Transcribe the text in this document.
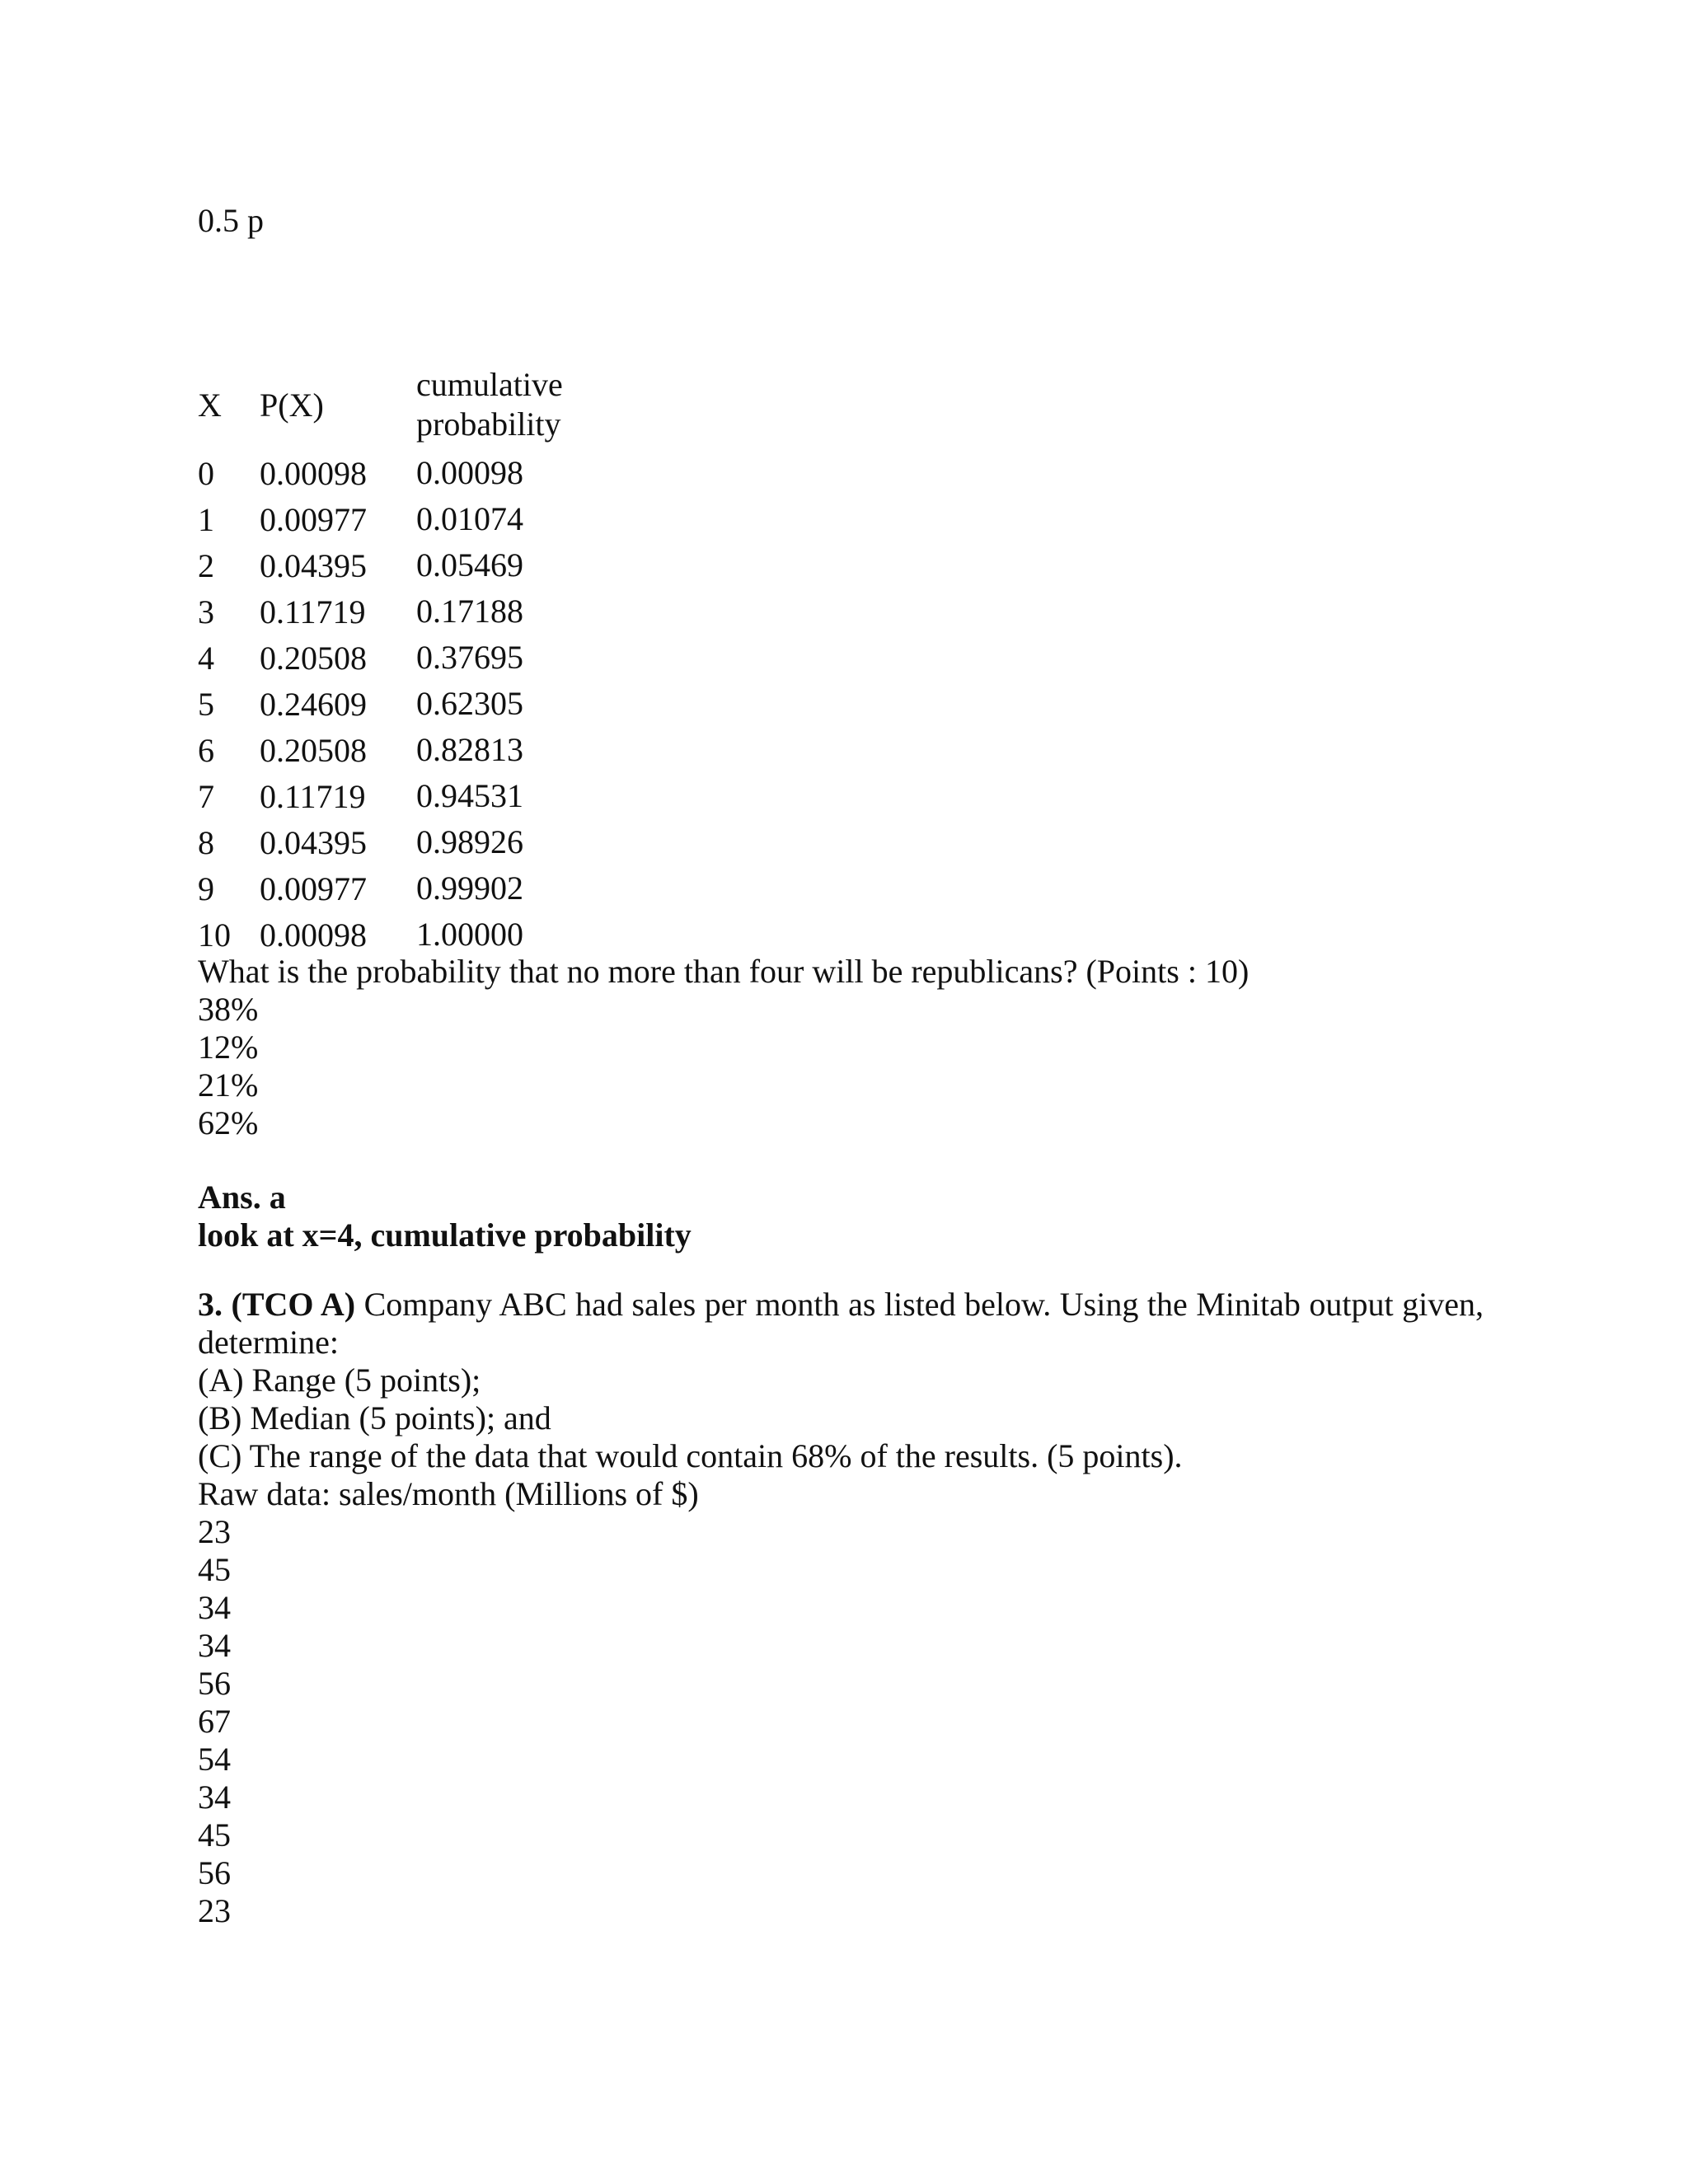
0.5 p
X	P(X)	cumulative
probability

0	0.00098	0.00098
1	0.00977	0.01074
2	0.04395	0.05469
3	0.11719	0.17188
4	0.20508	0.37695
5	0.24609	0.62305
6	0.20508	0.82813
7	0.11719	0.94531
8	0.04395	0.98926
9	0.00977	0.99902
10	0.00098	1.00000

What is the probability that no more than four will be republicans? (Points : 10)

38%
12%
21%
62%

Ans. a

look at x=4, cumulative probability

3. (TCO A) Company ABC had sales per month as listed below. Using the Minitab output given,

determine:

(A) Range (5 points);

(B) Median (5 points); and

(C) The range of the data that would contain 68% of the results. (5 points).

Raw data: sales/month (Millions of $)

23
45
34
34
56
67
54
34
45
56
23
